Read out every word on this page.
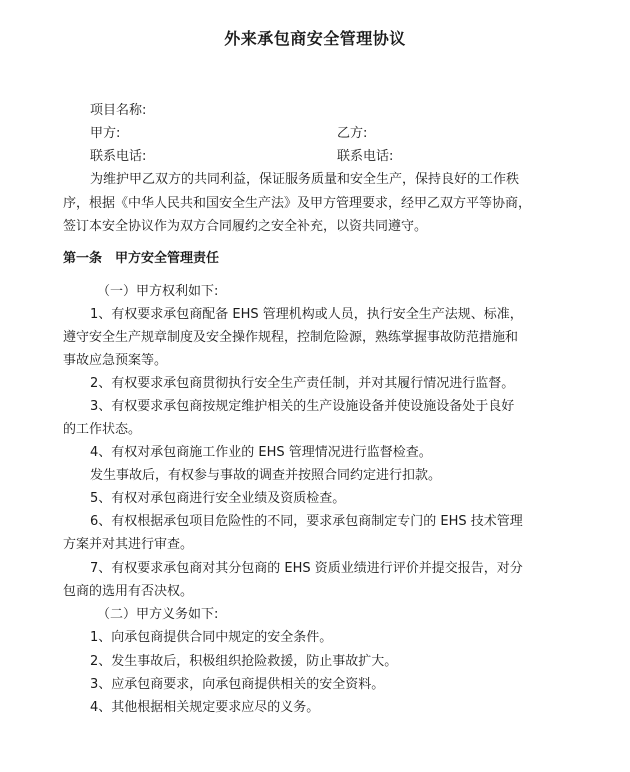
外来承包商安全管理协议
项目名称:
甲方:	乙方:
联系电话:	联系电话:
为维护甲乙双方的共同利益，保证服务质量和安全生产，保持良好的工作秩
序，根据《中华人民共和国安全生产法》及甲方管理要求，经甲乙双方平等协商，
签订本安全协议作为双方合同履约之安全补充，以资共同遵守。
第一条　甲方安全管理责任
（一）甲方权利如下:
1、有权要求承包商配备 EHS 管理机构或人员，执行安全生产法规、标准，
遵守安全生产规章制度及安全操作规程，控制危险源，熟练掌握事故防范措施和
事故应急预案等。
2、有权要求承包商贯彻执行安全生产责任制，并对其履行情况进行监督。
3、有权要求承包商按规定维护相关的生产设施设备并使设施设备处于良好
的工作状态。
4、有权对承包商施工作业的 EHS 管理情况进行监督检查。
发生事故后，有权参与事故的调查并按照合同约定进行扣款。
5、有权对承包商进行安全业绩及资质检查。
6、有权根据承包项目危险性的不同，要求承包商制定专门的 EHS 技术管理
方案并对其进行审查。
7、有权要求承包商对其分包商的 EHS 资质业绩进行评价并提交报告，对分
包商的选用有否决权。
（二）甲方义务如下:
1、向承包商提供合同中规定的安全条件。
2、发生事故后，积极组织抢险救援，防止事故扩大。
3、应承包商要求，向承包商提供相关的安全资料。
4、其他根据相关规定要求应尽的义务。
